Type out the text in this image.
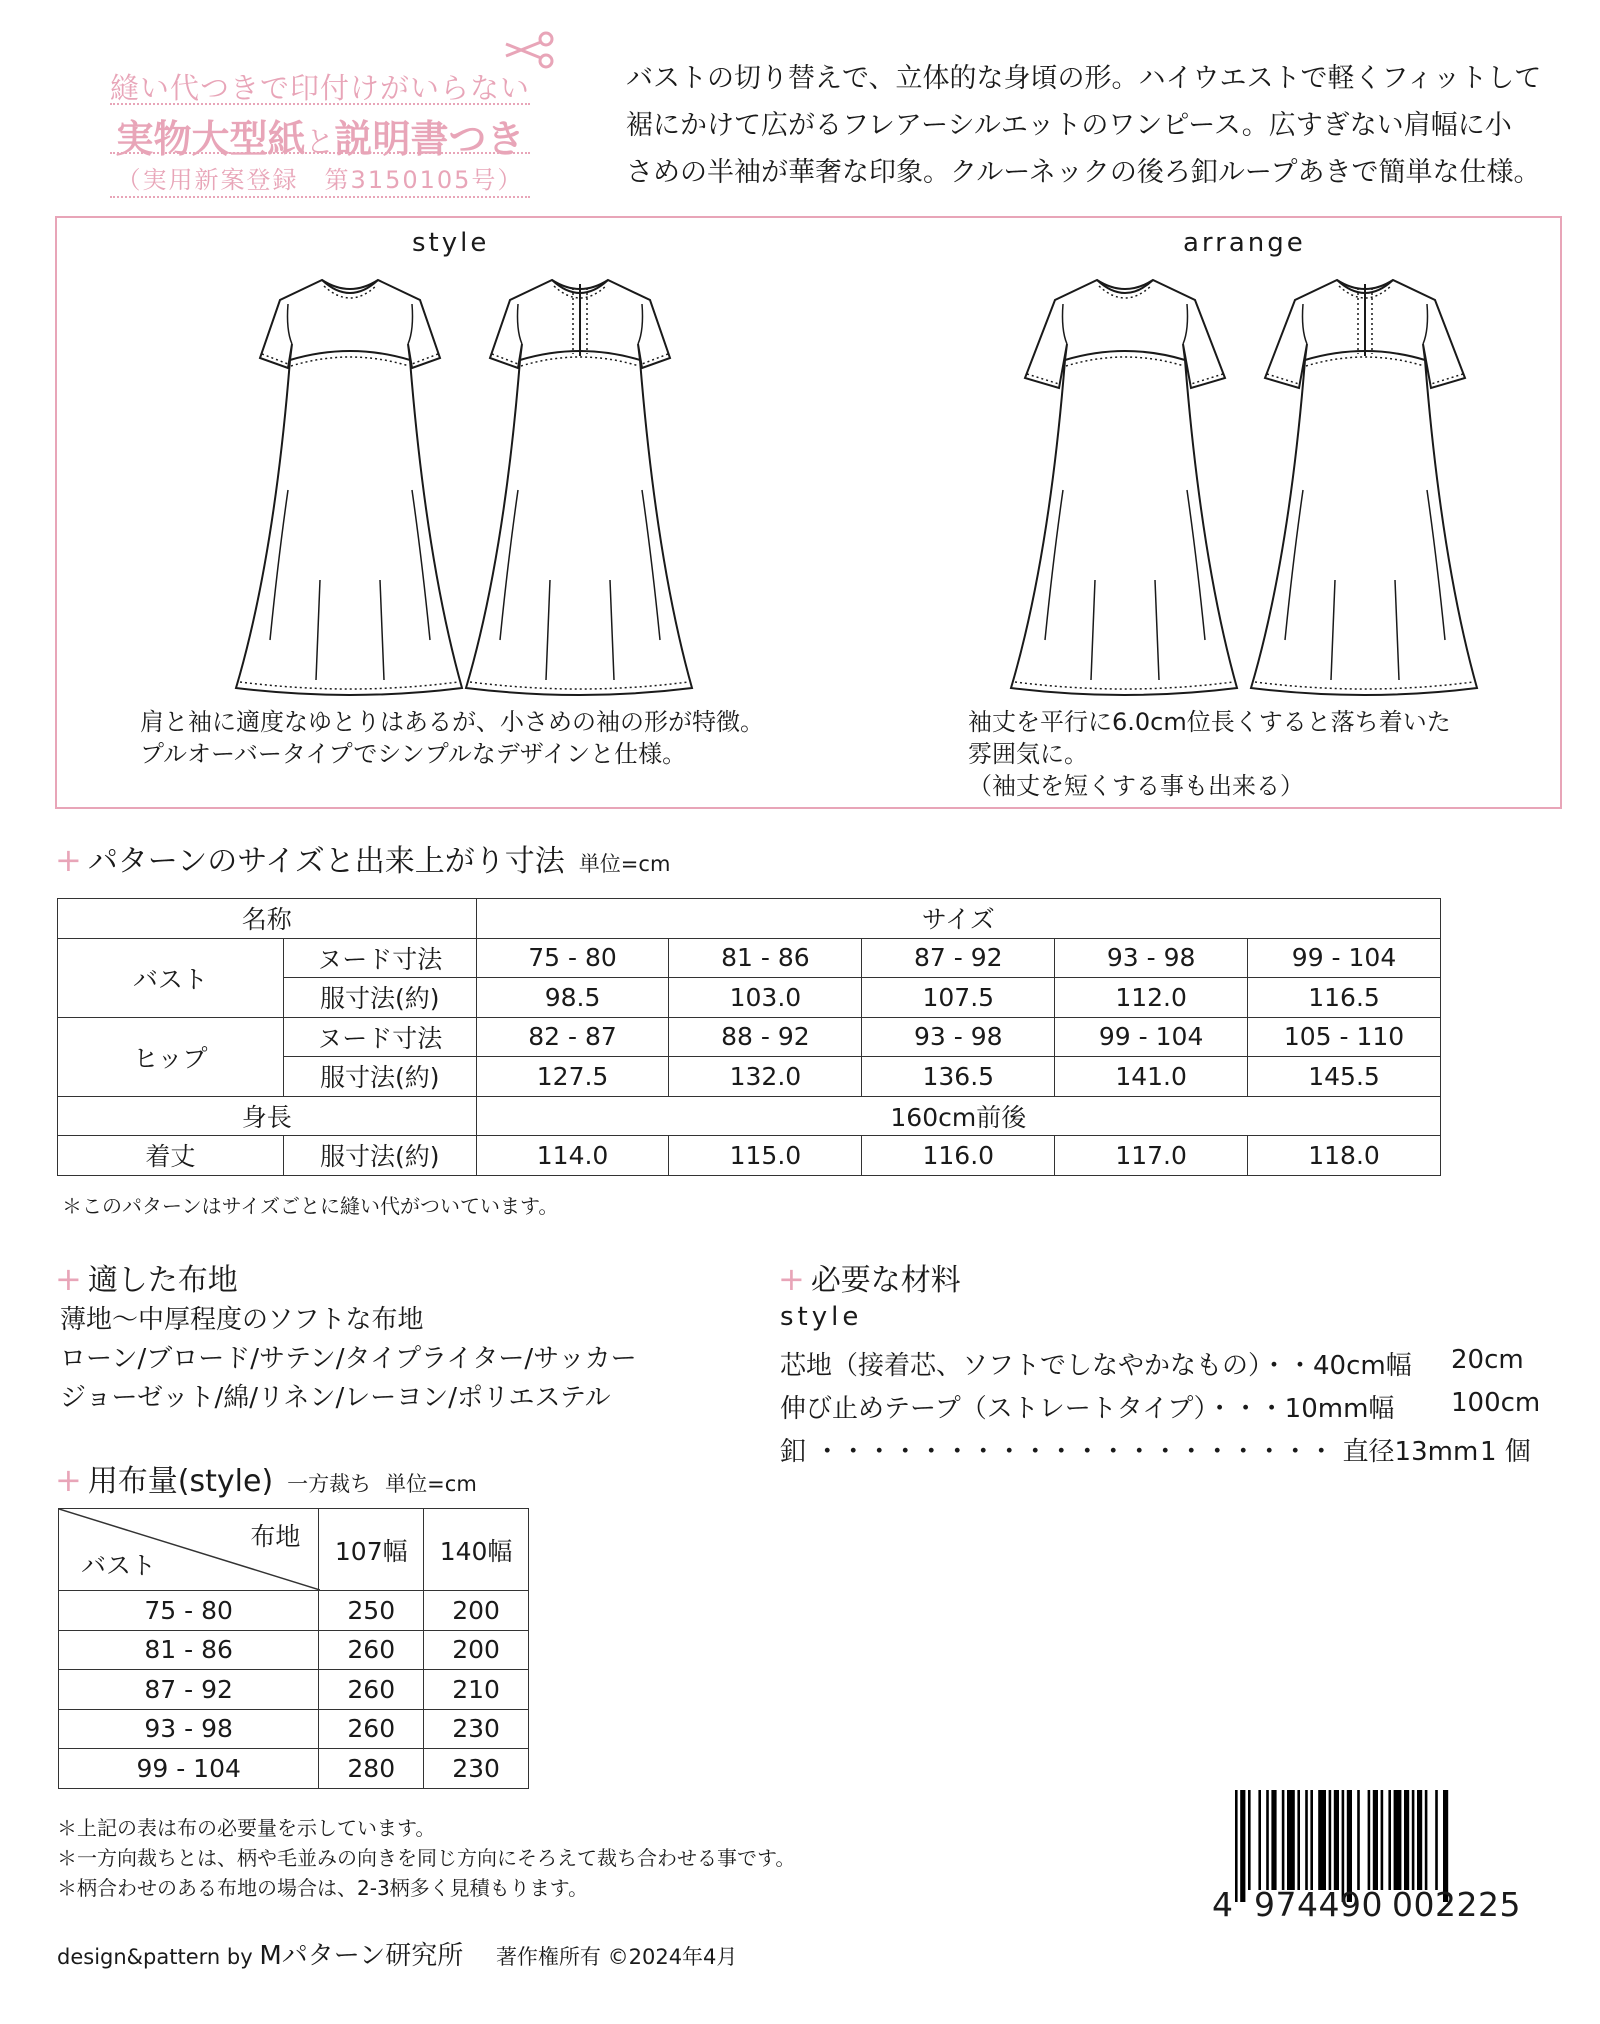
縫い代つきで印付けがいらない
実物大型紙と説明書つき
（実用新案登録　第3150105号）
バストの切り替えで、立体的な身頃の形。ハイウエストで軽くフィットして
裾にかけて広がるフレアーシルエットのワンピース。広すぎない肩幅に小
さめの半袖が華奢な印象。クルーネックの後ろ釦ループあきで簡単な仕様。
style	arrange
肩と袖に適度なゆとりはあるが、小さめの袖の形が特徴。
プルオーバータイプでシンプルなデザインと仕様。
袖丈を平行に6.0cm位長くすると落ち着いた
雰囲気に。
（袖丈を短くする事も出来る）
+ パターンのサイズと出来上がり寸法 単位=cm
名称		サイズ				
バスト	ヌード寸法	75 - 80	81 - 86	87 - 92	93 - 98	99 - 104
	服寸法(約)	98.5	103.0	107.5	112.0	116.5
ヒップ	ヌード寸法	82 - 87	88 - 92	93 - 98	99 - 104	105 - 110
	服寸法(約)	127.5	132.0	136.5	141.0	145.5
身長		160cm前後				
着丈	服寸法(約)	114.0	115.0	116.0	117.0	118.0
＊このパターンはサイズごとに縫い代がついています。
+ 適した布地
薄地〜中厚程度のソフトな布地
ローン/ブロード/サテン/タイプライター/サッカー
ジョーゼット/綿/リネン/レーヨン/ポリエステル
+ 必要な材料
style
芯地（接着芯、ソフトでしなやかなもの）・・40cm幅 20cm
伸び止めテープ（ストレートタイプ）・・・10mm幅 100cm
釦 ・・・・・・・・・・・・・・・・・・・・ 直径13mm 1 個
+ 用布量(style) 一方裁ち 単位=cm
布地
バスト	107幅	140幅
75 - 80	250	200
81 - 86	260	200
87 - 92	260	210
93 - 98	260	230
99 - 104	280	230
＊上記の表は布の必要量を示しています。
＊一方向裁ちとは、柄や毛並みの向きを同じ方向にそろえて裁ち合わせる事です。
＊柄合わせのある布地の場合は、2-3柄多く見積もります。	4 974490 002225
design&pattern by Mパターン研究所 著作権所有 ©2024年4月
